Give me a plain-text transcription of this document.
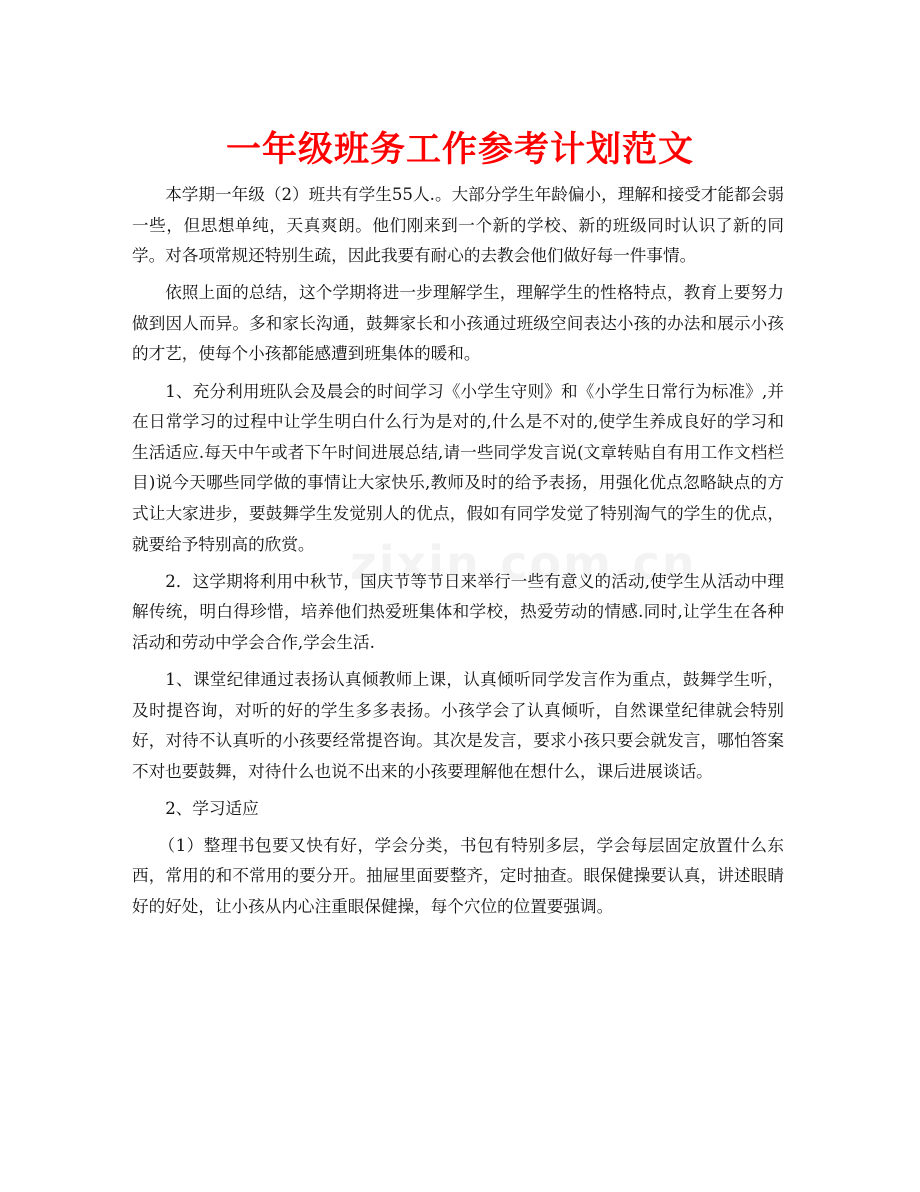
一年级班务工作参考计划范文

本学期一年级（2）班共有学生55人.。大部分学生年龄偏小，理解和接受才能都会弱一些，但思想单纯，天真爽朗。他们刚来到一个新的学校、新的班级同时认识了新的同学。对各项常规还特别生疏，因此我要有耐心的去教会他们做好每一件事情。

依照上面的总结，这个学期将进一步理解学生，理解学生的性格特点，教育上要努力做到因人而异。多和家长沟通，鼓舞家长和小孩通过班级空间表达小孩的办法和展示小孩的才艺，使每个小孩都能感遭到班集体的暖和。

1、充分利用班队会及晨会的时间学习《小学生守则》和《小学生日常行为标准》,并在日常学习的过程中让学生明白什么行为是对的,什么是不对的,使学生养成良好的学习和生活适应.每天中午或者下午时间进展总结,请一些同学发言说(文章转贴自有用工作文档栏目)说今天哪些同学做的事情让大家快乐,教师及时的给予表扬，用强化优点忽略缺点的方式让大家进步，要鼓舞学生发觉别人的优点，假如有同学发觉了特别淘气的学生的优点，就要给予特别高的欣赏。

2．这学期将利用中秋节，国庆节等节日来举行一些有意义的活动,使学生从活动中理解传统，明白得珍惜，培养他们热爱班集体和学校，热爱劳动的情感.同时,让学生在各种活动和劳动中学会合作,学会生活.

1、课堂纪律通过表扬认真倾教师上课，认真倾听同学发言作为重点，鼓舞学生听，及时提咨询，对听的好的学生多多表扬。小孩学会了认真倾听，自然课堂纪律就会特别好，对待不认真听的小孩要经常提咨询。其次是发言，要求小孩只要会就发言，哪怕答案不对也要鼓舞，对待什么也说不出来的小孩要理解他在想什么，课后进展谈话。

2、学习适应

（1）整理书包要又快有好，学会分类，书包有特别多层，学会每层固定放置什么东西，常用的和不常用的要分开。抽屉里面要整齐，定时抽查。眼保健操要认真，讲述眼睛好的好处，让小孩从内心注重眼保健操，每个穴位的位置要强调。
